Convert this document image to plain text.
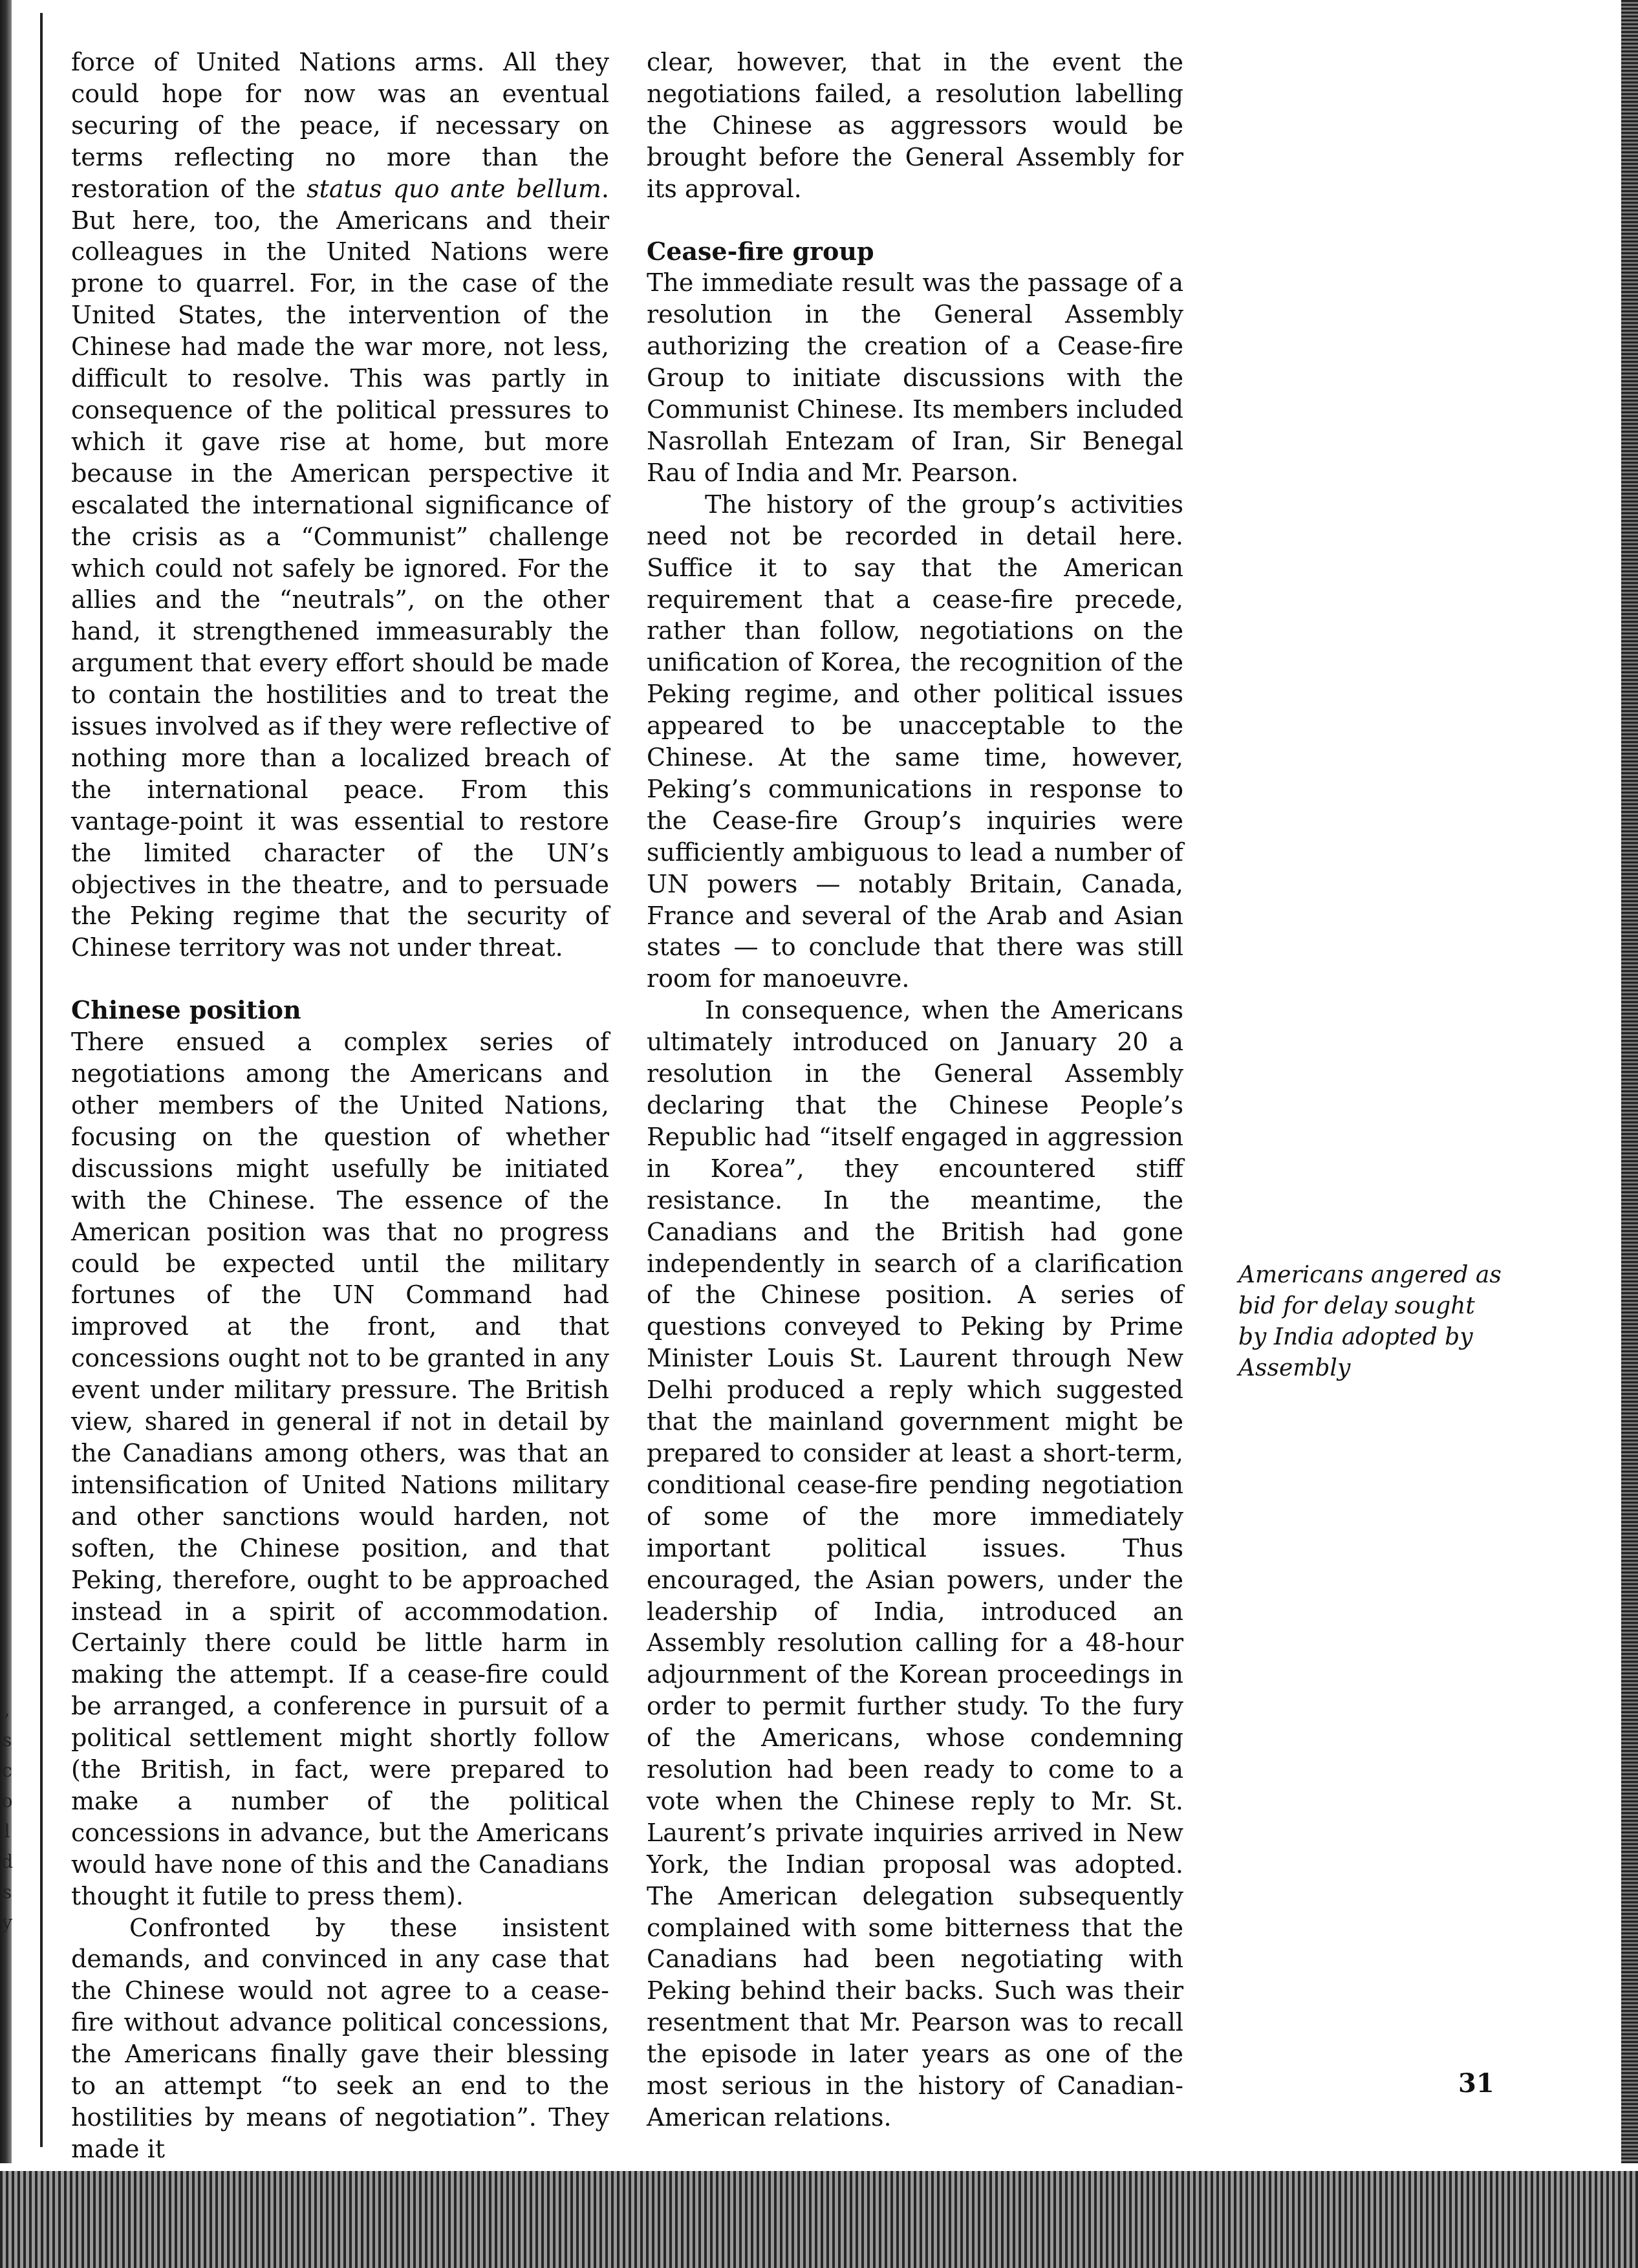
,
s
c
o
l
d
s
y

force of United Nations arms. All they could hope for now was an eventual securing of the peace, if necessary on terms reflecting no more than the restoration of the status quo ante bellum. But here, too, the Americans and their colleagues in the United Nations were prone to quarrel. For, in the case of the United States, the intervention of the Chinese had made the war more, not less, difficult to resolve. This was partly in consequence of the political pressures to which it gave rise at home, but more because in the American perspective it escalated the international significance of the crisis as a “Communist” challenge which could not safely be ignored. For the allies and the “neutrals”, on the other hand, it strengthened immeasurably the argument that every effort should be made to contain the hostilities and to treat the issues involved as if they were reflective of nothing more than a localized breach of the international peace. From this vantage-point it was essential to restore the limited character of the UN’s objectives in the theatre, and to persuade the Peking regime that the security of Chinese territory was not under threat.

Chinese position

There ensued a complex series of negotiations among the Americans and other members of the United Nations, focusing on the question of whether discussions might usefully be initiated with the Chinese. The essence of the American position was that no progress could be expected until the military fortunes of the UN Command had improved at the front, and that concessions ought not to be granted in any event under military pressure. The British view, shared in general if not in detail by the Canadians among others, was that an intensification of United Nations military and other sanctions would harden, not soften, the Chinese position, and that Peking, therefore, ought to be approached instead in a spirit of accommodation. Certainly there could be little harm in making the attempt. If a cease-fire could be arranged, a conference in pursuit of a political settlement might shortly follow (the British, in fact, were prepared to make a number of the political concessions in advance, but the Americans would have none of this and the Canadians thought it futile to press them).

Confronted by these insistent demands, and convinced in any case that the Chinese would not agree to a cease-fire without advance political concessions, the Americans finally gave their blessing to an attempt “to seek an end to the hostilities by means of negotiation”. They made it

clear, however, that in the event the negotiations failed, a resolution labelling the Chinese as aggressors would be brought before the General Assembly for its approval.

Cease-fire group

The immediate result was the passage of a resolution in the General Assembly authorizing the creation of a Cease-fire Group to initiate discussions with the Communist Chinese. Its members included Nasrollah Entezam of Iran, Sir Benegal Rau of India and Mr. Pearson.

The history of the group’s activities need not be recorded in detail here. Suffice it to say that the American requirement that a cease-fire precede, rather than follow, negotiations on the unification of Korea, the recognition of the Peking regime, and other political issues appeared to be unacceptable to the Chinese. At the same time, however, Peking’s communications in response to the Cease-fire Group’s inquiries were sufficiently ambiguous to lead a number of UN powers — notably Britain, Canada, France and several of the Arab and Asian states — to conclude that there was still room for manoeuvre.

In consequence, when the Americans ultimately introduced on January 20 a resolution in the General Assembly declaring that the Chinese People’s Republic had “itself engaged in aggression in Korea”, they encountered stiff resistance. In the meantime, the Canadians and the British had gone independently in search of a clarification of the Chinese position. A series of questions conveyed to Peking by Prime Minister Louis St. Laurent through New Delhi produced a reply which suggested that the mainland government might be prepared to consider at least a short-term, conditional cease-fire pending negotiation of some of the more immediately important political issues. Thus encouraged, the Asian powers, under the leadership of India, introduced an Assembly resolution calling for a 48-hour adjournment of the Korean proceedings in order to permit further study. To the fury of the Americans, whose condemning resolution had been ready to come to a vote when the Chinese reply to Mr. St. Laurent’s private inquiries arrived in New York, the Indian proposal was adopted. The American delegation subsequently complained with some bitterness that the Canadians had been negotiating with Peking behind their backs. Such was their resentment that Mr. Pearson was to recall the episode in later years as one of the most serious in the history of Canadian-American relations.

Americans angered as bid for delay sought by India adopted by Assembly
31
